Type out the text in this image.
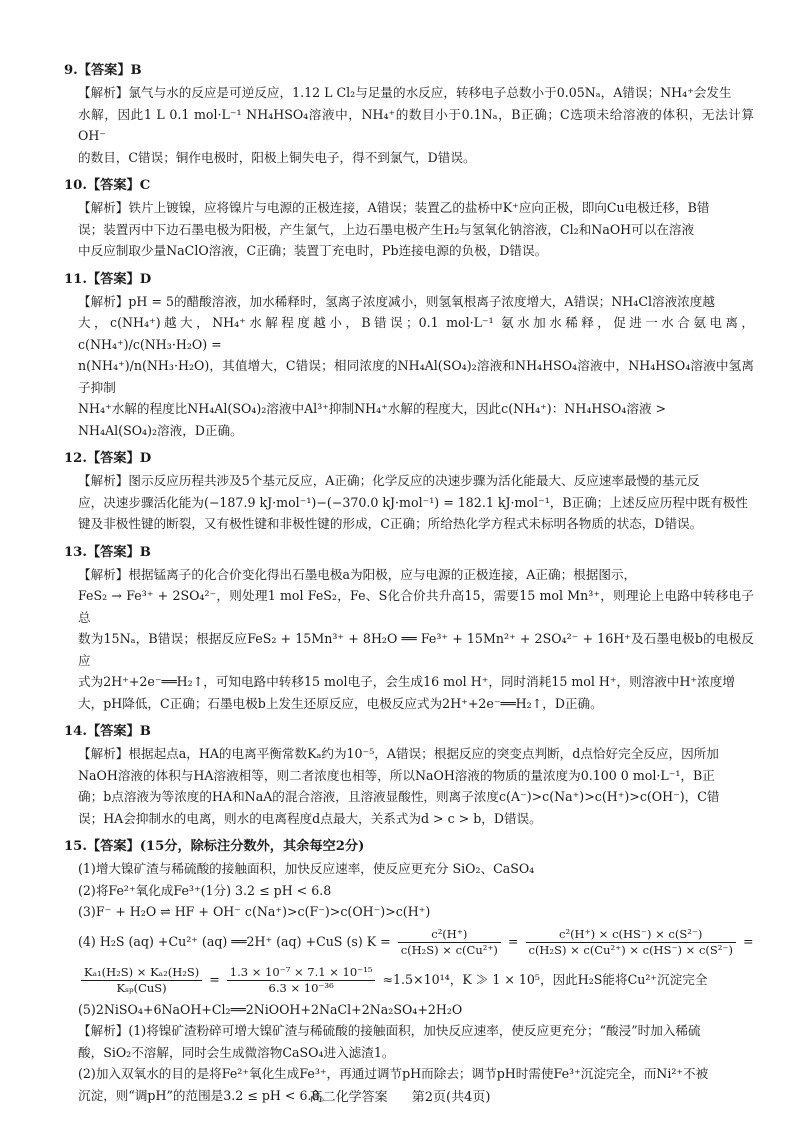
9.【答案】B

【解析】氯气与水的反应是可逆反应，1.12 L Cl₂与足量的水反应，转移电子总数小于0.05Nₐ，A错误；NH₄⁺会发生

水解，因此1 L 0.1 mol·L⁻¹ NH₄HSO₄溶液中，NH₄⁺的数目小于0.1Nₐ，B正确；C选项未给溶液的体积，无法计算OH⁻

的数目，C错误；铜作电极时，阳极上铜失电子，得不到氯气，D错误。

10.【答案】C

【解析】铁片上镀镍，应将镍片与电源的正极连接，A错误；装置乙的盐桥中K⁺应向正极，即向Cu电极迁移，B错

误；装置丙中下边石墨电极为阳极，产生氯气，上边石墨电极产生H₂与氢氧化钠溶液，Cl₂和NaOH可以在溶液

中反应制取少量NaClO溶液，C正确；装置丁充电时，Pb连接电源的负极，D错误。

11.【答案】D

【解析】pH = 5的醋酸溶液，加水稀释时，氢离子浓度减小，则氢氧根离子浓度增大，A错误；NH₄Cl溶液浓度越

大，c(NH₄⁺)越大，NH₄⁺水解程度越小，B错误；0.1 mol·L⁻¹ 氨水加水稀释，促进一水合氨电离，c(NH₄⁺)/c(NH₃·H₂O) =

n(NH₄⁺)/n(NH₃·H₂O)，其值增大，C错误；相同浓度的NH₄Al(SO₄)₂溶液和NH₄HSO₄溶液中，NH₄HSO₄溶液中氢离子抑制

NH₄⁺水解的程度比NH₄Al(SO₄)₂溶液中Al³⁺抑制NH₄⁺水解的程度大，因此c(NH₄⁺)：NH₄HSO₄溶液 >

NH₄Al(SO₄)₂溶液，D正确。

12.【答案】D

【解析】图示反应历程共涉及5个基元反应，A正确；化学反应的决速步骤为活化能最大、反应速率最慢的基元反

应，决速步骤活化能为(−187.9 kJ·mol⁻¹)−(−370.0 kJ·mol⁻¹) = 182.1 kJ·mol⁻¹，B正确；上述反应历程中既有极性

键及非极性键的断裂，又有极性键和非极性键的形成，C正确；所给热化学方程式未标明各物质的状态，D错误。

13.【答案】B

【解析】根据锰离子的化合价变化得出石墨电极a为阳极，应与电源的正极连接，A正确；根据图示，

FeS₂ → Fe³⁺ + 2SO₄²⁻，则处理1 mol FeS₂，Fe、S化合价共升高15，需要15 mol Mn³⁺，则理论上电路中转移电子总

数为15Nₐ，B错误；根据反应FeS₂ + 15Mn³⁺ + 8H₂O ══ Fe³⁺ + 15Mn²⁺ + 2SO₄²⁻ + 16H⁺及石墨电极b的电极反应

式为2H⁺+2e⁻══H₂↑，可知电路中转移15 mol电子，会生成16 mol H⁺，同时消耗15 mol H⁺，则溶液中H⁺浓度增

大，pH降低，C正确；石墨电极b上发生还原反应，电极反应式为2H⁺+2e⁻══H₂↑，D正确。

14.【答案】B

【解析】根据起点a，HA的电离平衡常数Kₐ约为10⁻⁵，A错误；根据反应的突变点判断，d点恰好完全反应，因所加

NaOH溶液的体积与HA溶液相等，则二者浓度也相等，所以NaOH溶液的物质的量浓度为0.100 0 mol·L⁻¹，B正

确；b点溶液为等浓度的HA和NaA的混合溶液，且溶液显酸性，则离子浓度c(A⁻)>c(Na⁺)>c(H⁺)>c(OH⁻)，C错

误；HA会抑制水的电离，则水的电离程度d点最大，关系式为d > c > b，D错误。

15.【答案】(15分，除标注分数外，其余每空2分)

(1)增大镍矿渣与稀硫酸的接触面积，加快反应速率，使反应更充分 SiO₂、CaSO₄

(2)将Fe²⁺氧化成Fe³⁺(1分) 3.2 ≤ pH < 6.8

(3)F⁻ + H₂O ⇌ HF + OH⁻ c(Na⁺)>c(F⁻)>c(OH⁻)>c(H⁺)

(4) H₂S (aq) +Cu²⁺ (aq) ══2H⁺ (aq) +CuS (s) $K = \frac{\text{c²(H⁺)}}{\text{c(H₂S) × c(Cu²⁺)}} = \frac{\text{c²(H⁺) × c(HS⁻) × c(S²⁻)}}{\text{c(H₂S) × c(Cu²⁺) × c(HS⁻) × c(S²⁻)}}$ =

$\frac{\text{Kₐ₁(H₂S) × Kₐ₂(H₂S)}}{\text{Kₛₚ(CuS)}} = \frac{\text{1.3 × 10⁻⁷ × 7.1 × 10⁻¹⁵}}{\text{6.3 × 10⁻³⁶}} \approx 1.5\times 10^{14}$，K ≫ 1 × 10⁵，因此H₂S能将Cu²⁺沉淀完全

(5)2NiSO₄+6NaOH+Cl₂══2NiOOH+2NaCl+2Na₂SO₄+2H₂O

【解析】(1)将镍矿渣粉碎可增大镍矿渣与稀硫酸的接触面积，加快反应速率，使反应更充分；“酸浸”时加入稀硫

酸，SiO₂不溶解，同时会生成微溶物CaSO₄进入滤渣1。

(2)加入双氧水的目的是将Fe²⁺氧化生成Fe³⁺，再通过调节pH而除去；调节pH时需使Fe³⁺沉淀完全，而Ni²⁺不被

沉淀，则“调pH”的范围是3.2 ≤ pH < 6.8。

高二化学答案 第2页(共4页)
